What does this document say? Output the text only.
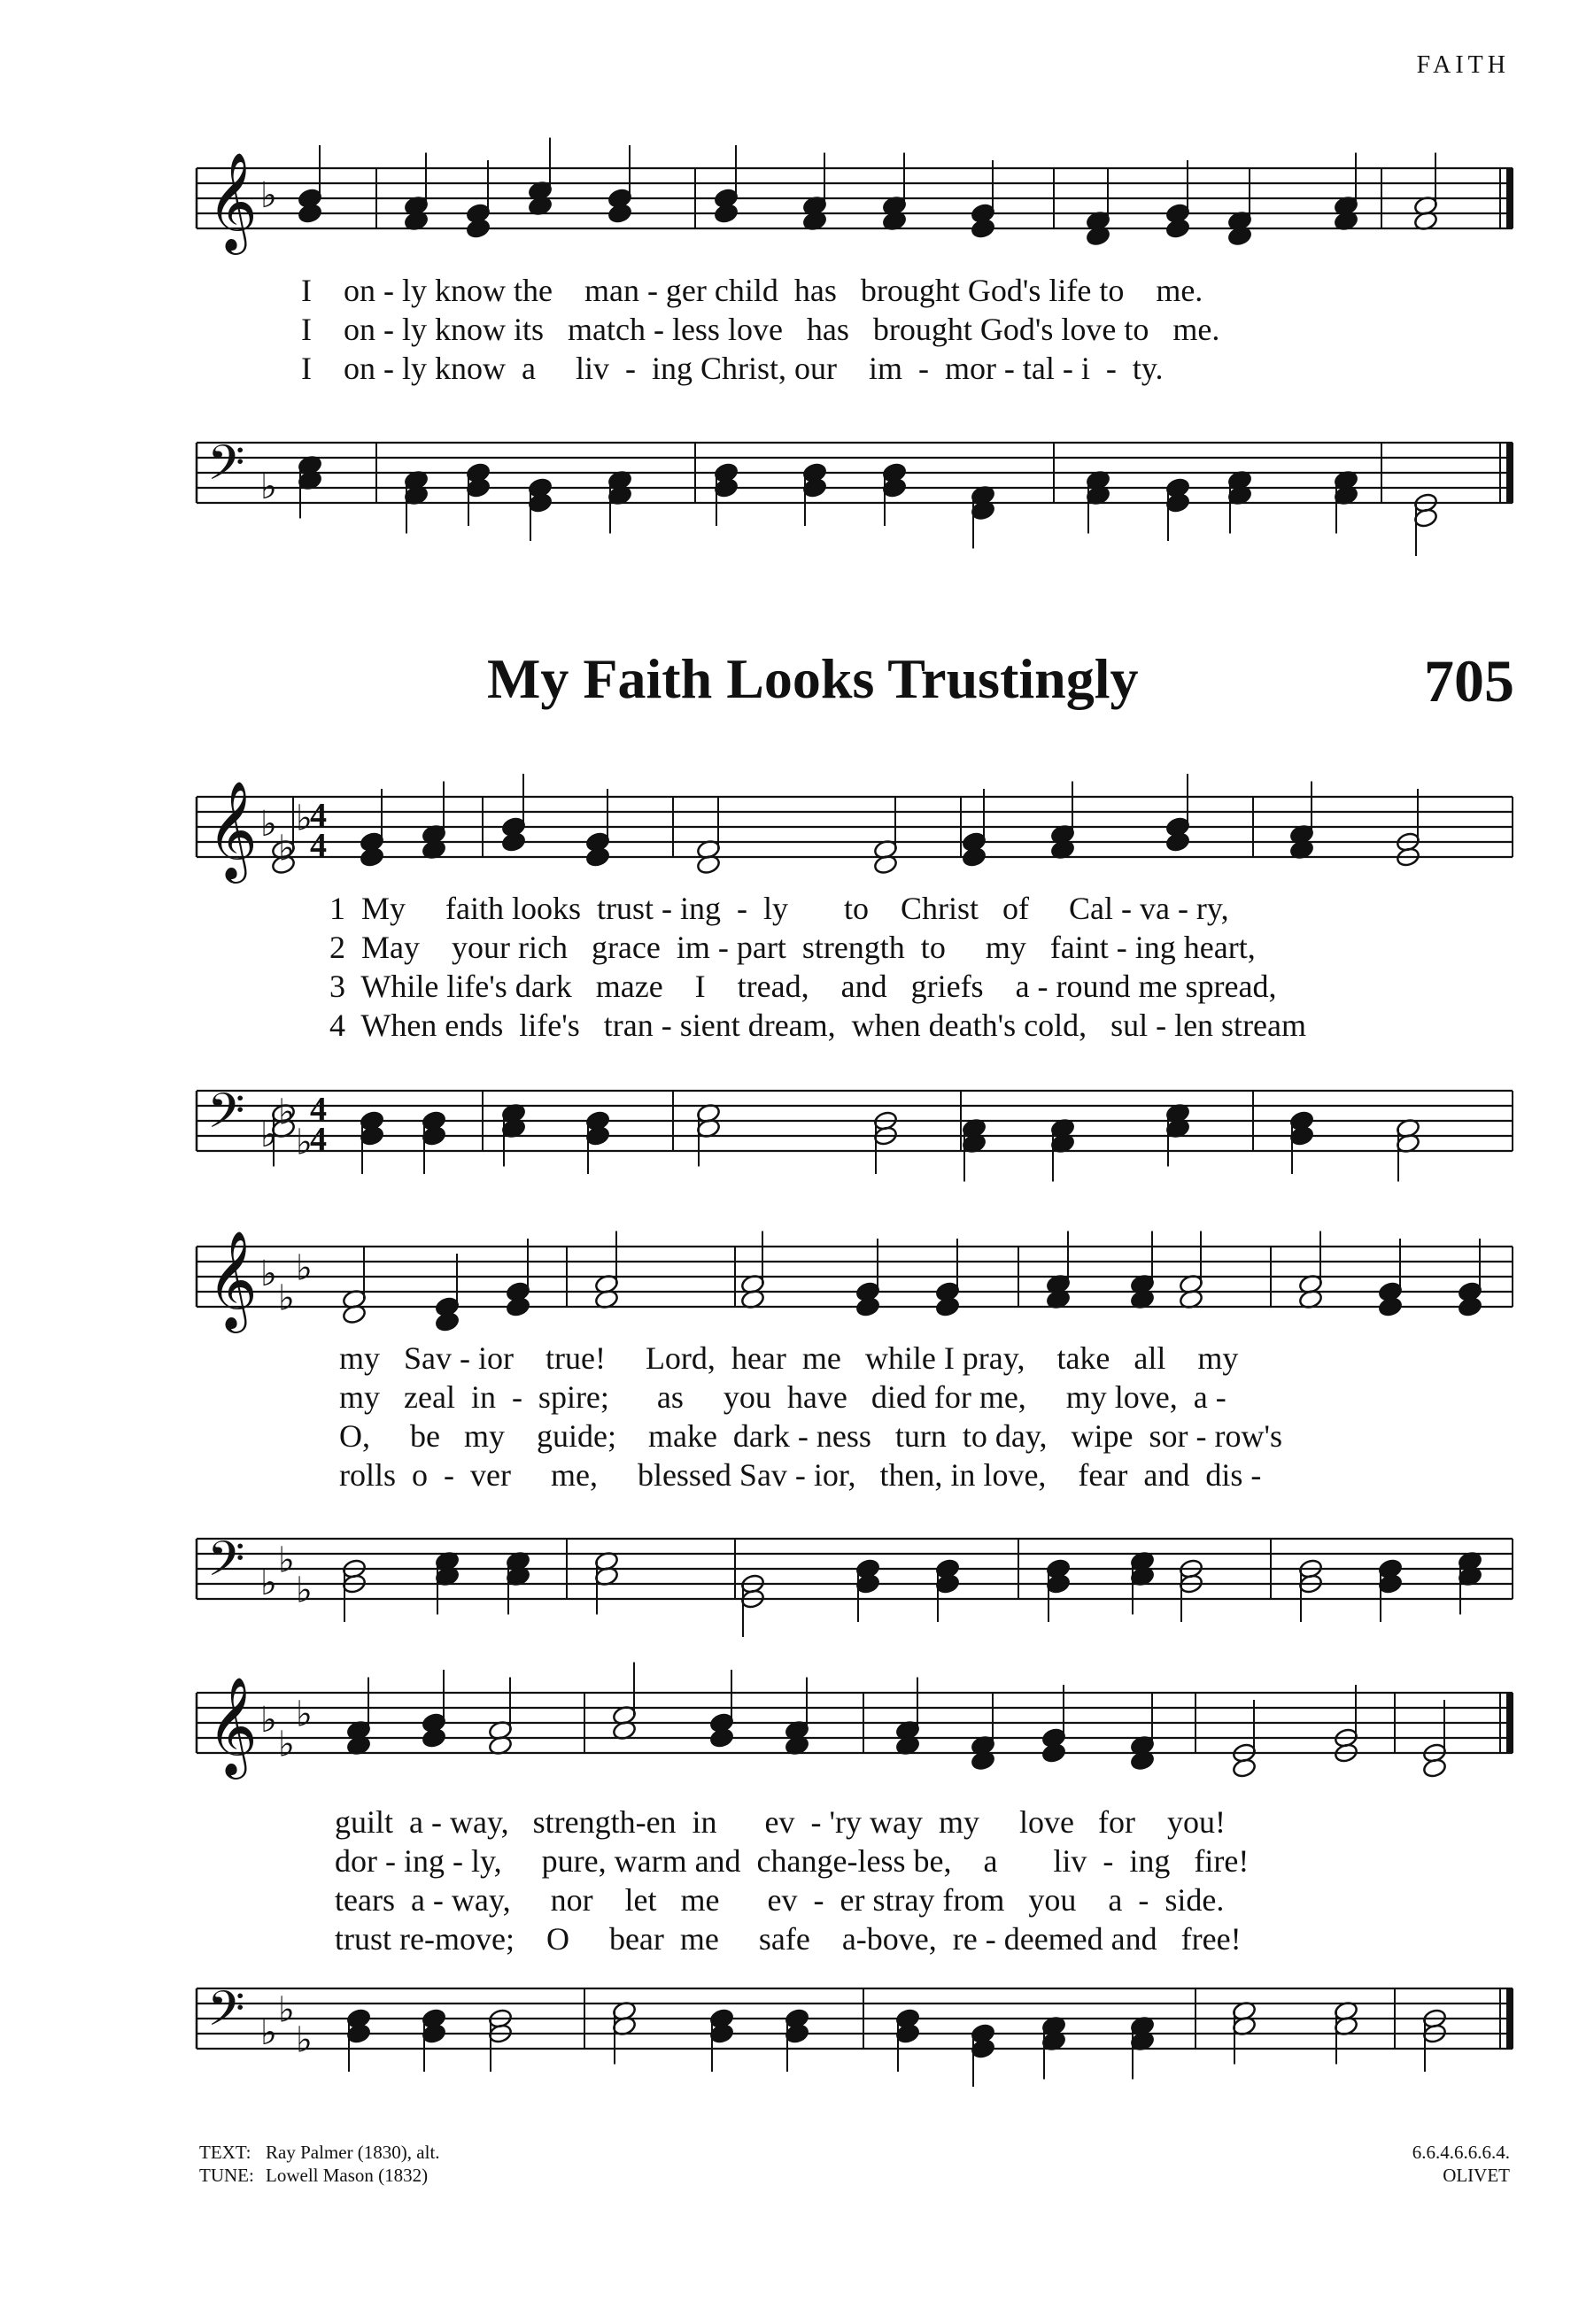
FAITH
𝄞 ♭
I    on - ly know the    man - ger child  has   brought God's life to    me.
I    on - ly know its   match - less love   has   brought God's love to   me.
I    on - ly know  a     liv  -  ing Christ, our    im  -  mor - tal - i  -  ty.
𝄢 ♭
My Faith Looks Trustingly	705
𝄞 ♭
♭
♭
4
4
1  My     faith looks  trust - ing  -  ly       to    Christ   of     Cal - va - ry,
2  May    your rich   grace  im - part  strength  to     my   faint - ing heart,
3  While life's dark   maze    I    tread,    and   griefs    a - round me spread,
4  When ends  life's   tran - sient dream,  when death's cold,   sul - len stream
𝄢 ♭
♭
♭
4
4
𝄞 ♭
♭
♭
my   Sav - ior    true!     Lord,  hear  me   while I pray,    take   all    my
my   zeal  in  -  spire;      as     you  have   died for me,     my love,  a -
O,     be   my    guide;    make  dark - ness   turn  to day,   wipe  sor - row's
rolls  o  -  ver     me,     blessed Sav - ior,   then, in love,    fear  and  dis -
𝄢 ♭
♭
♭
𝄞 ♭
♭
♭
guilt  a - way,   strength-en  in      ev  - 'ry way  my     love   for    you!
dor - ing - ly,     pure, warm and  change-less be,    a       liv  -  ing   fire!
tears  a - way,     nor    let   me      ev  -  er stray from   you    a  -  side.
trust re-move;    O     bear  me     safe    a-bove,  re - deemed and   free!
𝄢 ♭
♭
♭
TEXT: Ray Palmer (1830), alt.
TUNE: Lowell Mason (1832)
6.6.4.6.6.6.4.
OLIVET
